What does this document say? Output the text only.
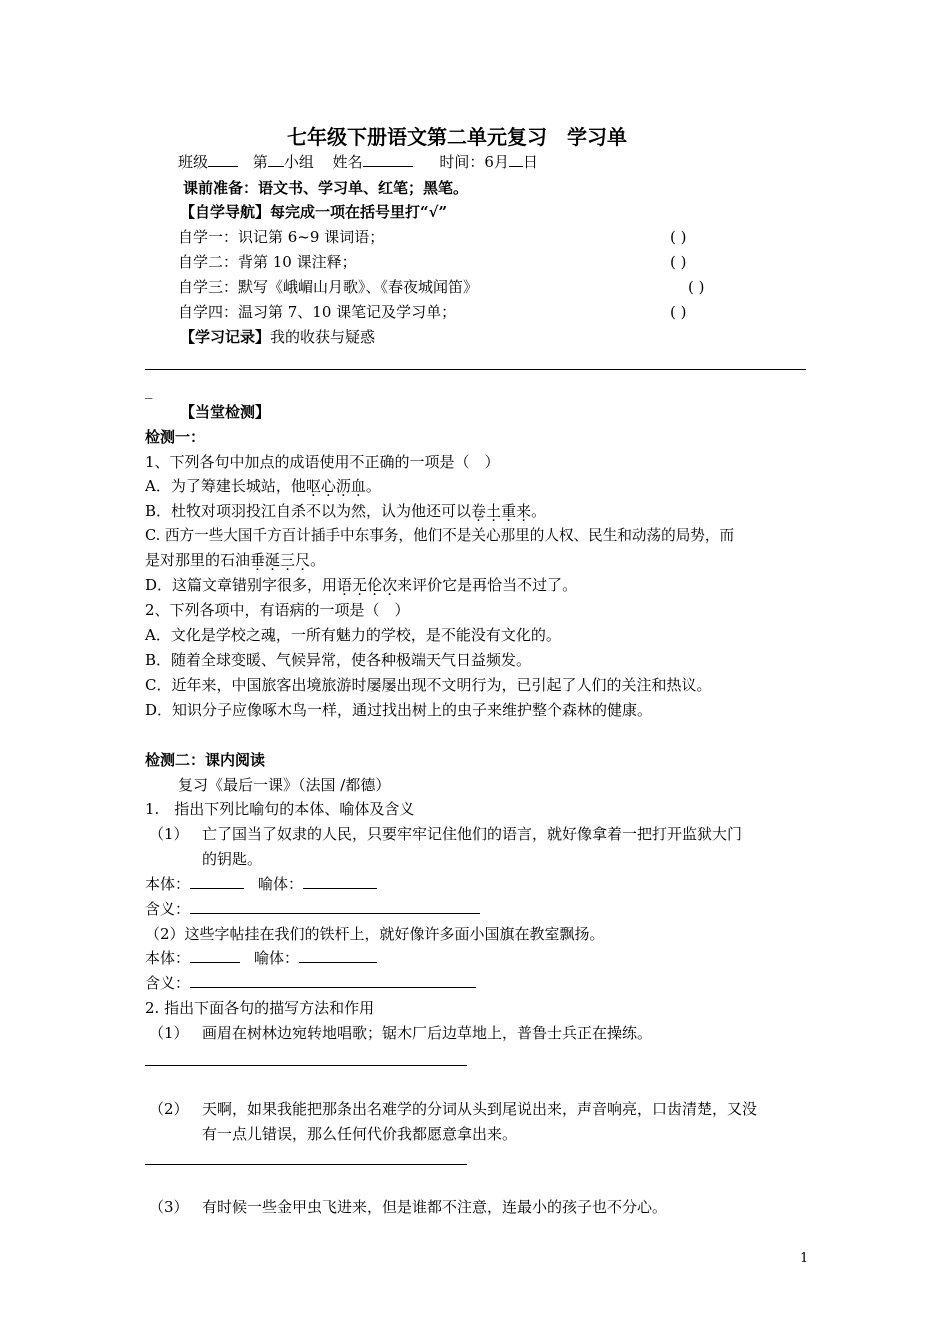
七年级下册语文第二单元复习　学习单
班级	第 小组 姓名	时间：6月 日
课前准备：语文书、学习单、红笔；黑笔。
【自学导航】每完成一项在括号里打“√”
自学一：识记第 6~9 课词语；	( )
自学二：背第 10 课注释；	( )
自学三：默写《峨嵋山月歌》、《春夜城闻笛》	( )
自学四：温习第 7、10 课笔记及学习单；	( )
【学习记录】我的收获与疑惑
_
【当堂检测】
检测一：
1、下列各句中加点的成语使用不正确的一项是（　）
A．为了筹建长城站，他呕心沥血。
B．杜牧对项羽投江自杀不以为然，认为他还可以卷土重来。
C. 西方一些大国千方百计插手中东事务，他们不是关心那里的人权、民生和动荡的局势，而
是对那里的石油垂涎三尺。
D．这篇文章错别字很多，用语无伦次来评价它是再恰当不过了。
2、下列各项中，有语病的一项是（　）
A．文化是学校之魂，一所有魅力的学校，是不能没有文化的。
B．随着全球变暖、气候异常，使各种极端天气日益频发。
C．近年来，中国旅客出境旅游时屡屡出现不文明行为，已引起了人们的关注和热议。
D．知识分子应像啄木鸟一样，通过找出树上的虫子来维护整个森林的健康。
检测二：课内阅读
复习《最后一课》（法国 /都德）
1.　指出下列比喻句的本体、喻体及含义
（1） 亡了国当了奴隶的人民，只要牢牢记住他们的语言，就好像拿着一把打开监狱大门
的钥匙。
本体：	喻体：
含义：
（2）这些字帖挂在我们的铁杆上，就好像许多面小国旗在教室飘扬。
本体：	喻体：
含义：
2. 指出下面各句的描写方法和作用
（1） 画眉在树林边宛转地唱歌；锯木厂后边草地上，普鲁士兵正在操练。
（2） 天啊，如果我能把那条出名难学的分词从头到尾说出来，声音响亮，口齿清楚，又没
有一点儿错误，那么任何代价我都愿意拿出来。
（3） 有时候一些金甲虫飞进来，但是谁都不注意，连最小的孩子也不分心。
1
